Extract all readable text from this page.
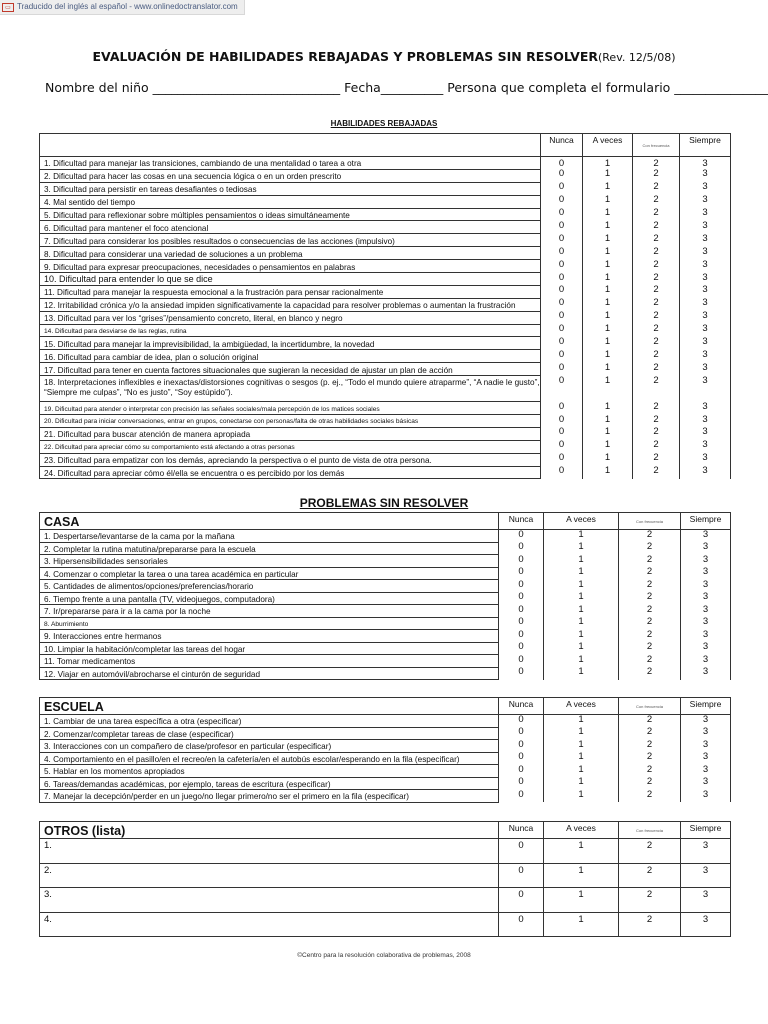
▭ Traducido del inglés al español - www.onlinedoctranslator.com
EVALUACIÓN DE HABILIDADES REBAJADAS Y PROBLEMAS SIN RESOLVER(Rev. 12/5/08)
Nombre del niño ______________________________ Fecha__________ Persona que completa el formulario _______________
HABILIDADES REBAJADAS
	Nunca	A veces	Con frecuencia	Siempre
1. Dificultad para manejar las transiciones, cambiando de una mentalidad o tarea a otra	0	1	2	3
2. Dificultad para hacer las cosas en una secuencia lógica o en un orden prescrito	0	1	2	3
3. Dificultad para persistir en tareas desafiantes o tediosas	0	1	2	3
4. Mal sentido del tiempo	0	1	2	3
5. Dificultad para reflexionar sobre múltiples pensamientos o ideas simultáneamente	0	1	2	3
6. Dificultad para mantener el foco atencional	0	1	2	3
7. Dificultad para considerar los posibles resultados o consecuencias de las acciones (impulsivo)	0	1	2	3
8. Dificultad para considerar una variedad de soluciones a un problema	0	1	2	3
9. Dificultad para expresar preocupaciones, necesidades o pensamientos en palabras	0	1	2	3
10. Dificultad para entender lo que se dice	0	1	2	3
11. Dificultad para manejar la respuesta emocional a la frustración para pensar racionalmente	0	1	2	3
12. Irritabilidad crónica y/o la ansiedad impiden significativamente la capacidad para resolver problemas o aumentan la frustración	0	1	2	3
13. Dificultad para ver los “grises”/pensamiento concreto, literal, en blanco y negro	0	1	2	3
14. Dificultad para desviarse de las reglas, rutina	0	1	2	3
15. Dificultad para manejar la imprevisibilidad, la ambigüedad, la incertidumbre, la novedad	0	1	2	3
16. Dificultad para cambiar de idea, plan o solución original	0	1	2	3
17. Dificultad para tener en cuenta factores situacionales que sugieran la necesidad de ajustar un plan de acción	0	1	2	3
18. Interpretaciones inflexibles e inexactas/distorsiones cognitivas o sesgos (p. ej., “Todo el mundo quiere atraparme”, “A nadie le gusto”, “Siempre me culpas”, “No es justo”, “Soy estúpido”).	0	1	2	3
19. Dificultad para atender o interpretar con precisión las señales sociales/mala percepción de los matices sociales	0	1	2	3
20. Dificultad para iniciar conversaciones, entrar en grupos, conectarse con personas/falta de otras habilidades sociales básicas	0	1	2	3
21. Dificultad para buscar atención de manera apropiada	0	1	2	3
22. Dificultad para apreciar cómo su comportamiento está afectando a otras personas	0	1	2	3
23. Dificultad para empatizar con los demás, apreciando la perspectiva o el punto de vista de otra persona.	0	1	2	3
24. Dificultad para apreciar cómo él/ella se encuentra o es percibido por los demás	0	1	2	3
PROBLEMAS SIN RESOLVER
CASA	Nunca	A veces	Con frecuencia	Siempre
1. Despertarse/levantarse de la cama por la mañana	0	1	2	3
2. Completar la rutina matutina/prepararse para la escuela	0	1	2	3
3. Hipersensibilidades sensoriales	0	1	2	3
4. Comenzar o completar la tarea o una tarea académica en particular	0	1	2	3
5. Cantidades de alimentos/opciones/preferencias/horario	0	1	2	3
6. Tiempo frente a una pantalla (TV, videojuegos, computadora)	0	1	2	3
7. Ir/prepararse para ir a la cama por la noche	0	1	2	3
8. Aburrimiento	0	1	2	3
9. Interacciones entre hermanos	0	1	2	3
10. Limpiar la habitación/completar las tareas del hogar	0	1	2	3
11. Tomar medicamentos	0	1	2	3
12. Viajar en automóvil/abrocharse el cinturón de seguridad	0	1	2	3
ESCUELA	Nunca	A veces	Con frecuencia	Siempre
1. Cambiar de una tarea específica a otra (especificar)	0	1	2	3
2. Comenzar/completar tareas de clase (especificar)	0	1	2	3
3. Interacciones con un compañero de clase/profesor en particular (especificar)	0	1	2	3
4. Comportamiento en el pasillo/en el recreo/en la cafetería/en el autobús escolar/esperando en la fila (especificar)	0	1	2	3
5. Hablar en los momentos apropiados	0	1	2	3
6. Tareas/demandas académicas, por ejemplo, tareas de escritura (especificar)	0	1	2	3
7. Manejar la decepción/perder en un juego/no llegar primero/no ser el primero en la fila (especificar)	0	1	2	3
OTROS (lista)	Nunca	A veces	Con frecuencia	Siempre
1.	0	1	2	3
2.	0	1	2	3
3.	0	1	2	3
4.	0	1	2	3
©Centro para la resolución colaborativa de problemas, 2008
